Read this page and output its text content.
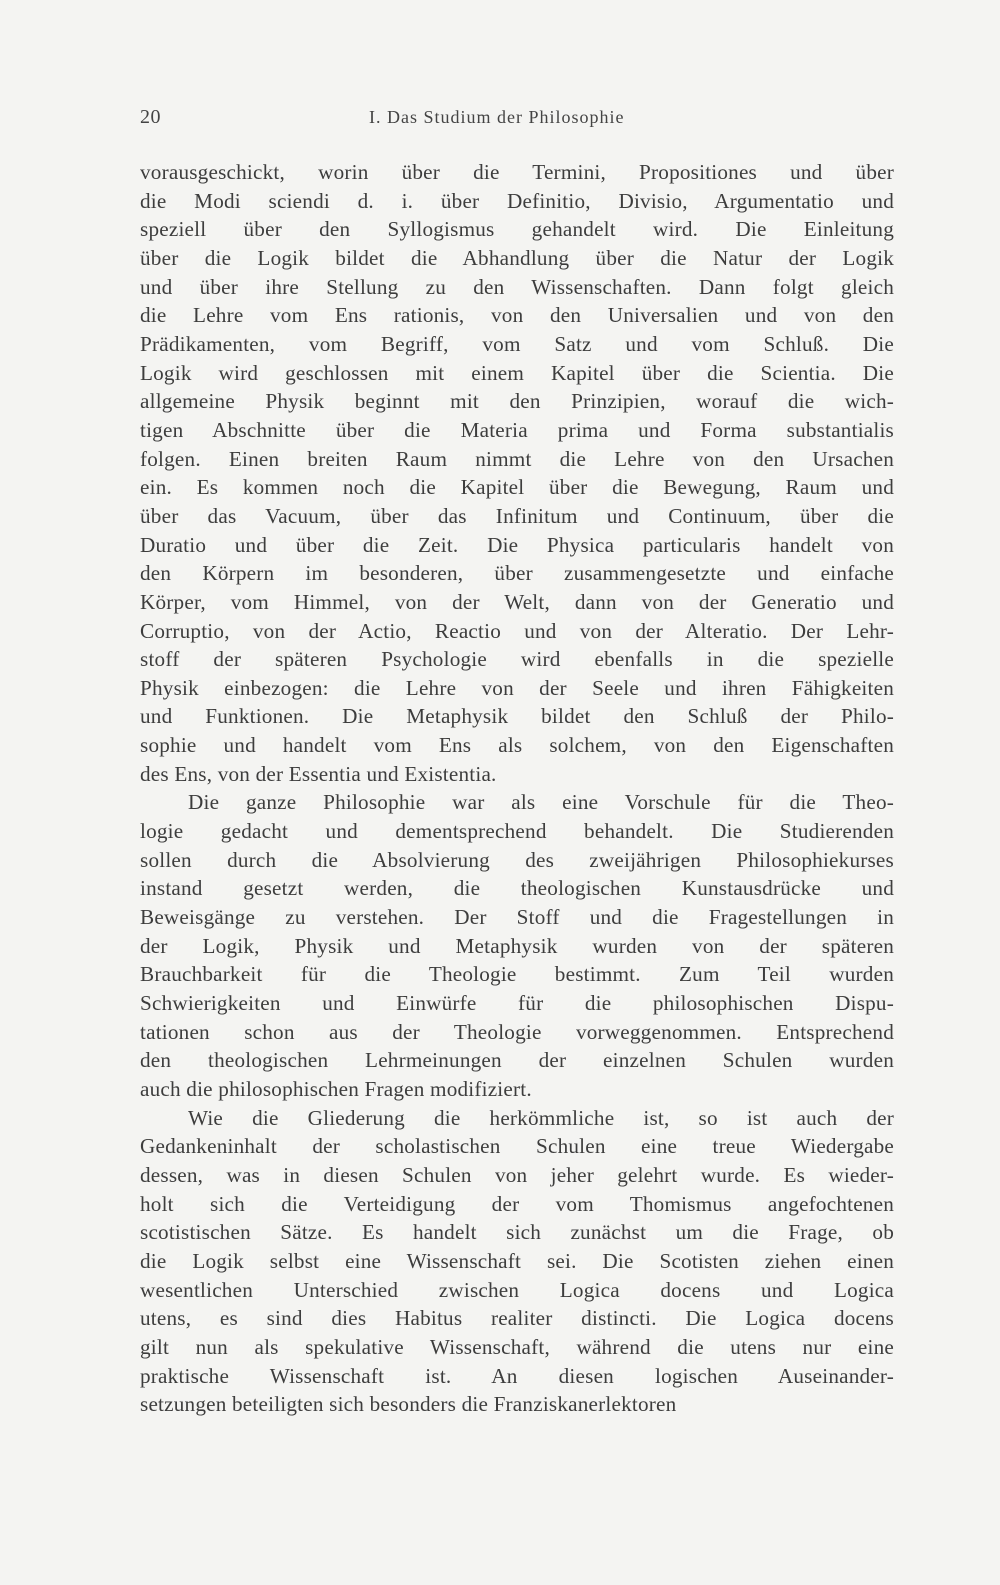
20	I. Das Studium der Philosophie
vorausgeschickt, worin über die Termini, Propositiones und über
die Modi sciendi d. i. über Definitio, Divisio, Argumentatio und
speziell über den Syllogismus gehandelt wird. Die Einleitung
über die Logik bildet die Abhandlung über die Natur der Logik
und über ihre Stellung zu den Wissenschaften. Dann folgt gleich
die Lehre vom Ens rationis, von den Universalien und von den
Prädikamenten, vom Begriff, vom Satz und vom Schluß. Die
Logik wird geschlossen mit einem Kapitel über die Scientia. Die
allgemeine Physik beginnt mit den Prinzipien, worauf die wich-
tigen Abschnitte über die Materia prima und Forma substantialis
folgen. Einen breiten Raum nimmt die Lehre von den Ursachen
ein. Es kommen noch die Kapitel über die Bewegung, Raum und
über das Vacuum, über das Infinitum und Continuum, über die
Duratio und über die Zeit. Die Physica particularis handelt von
den Körpern im besonderen, über zusammengesetzte und einfache
Körper, vom Himmel, von der Welt, dann von der Generatio und
Corruptio, von der Actio, Reactio und von der Alteratio. Der Lehr-
stoff der späteren Psychologie wird ebenfalls in die spezielle
Physik einbezogen: die Lehre von der Seele und ihren Fähigkeiten
und Funktionen. Die Metaphysik bildet den Schluß der Philo-
sophie und handelt vom Ens als solchem, von den Eigenschaften
des Ens, von der Essentia und Existentia.
Die ganze Philosophie war als eine Vorschule für die Theo-
logie gedacht und dementsprechend behandelt. Die Studierenden
sollen durch die Absolvierung des zweijährigen Philosophiekurses
instand gesetzt werden, die theologischen Kunstausdrücke und
Beweisgänge zu verstehen. Der Stoff und die Fragestellungen in
der Logik, Physik und Metaphysik wurden von der späteren
Brauchbarkeit für die Theologie bestimmt. Zum Teil wurden
Schwierigkeiten und Einwürfe für die philosophischen Dispu-
tationen schon aus der Theologie vorweggenommen. Entsprechend
den theologischen Lehrmeinungen der einzelnen Schulen wurden
auch die philosophischen Fragen modifiziert.
Wie die Gliederung die herkömmliche ist, so ist auch der
Gedankeninhalt der scholastischen Schulen eine treue Wiedergabe
dessen, was in diesen Schulen von jeher gelehrt wurde. Es wieder-
holt sich die Verteidigung der vom Thomismus angefochtenen
scotistischen Sätze. Es handelt sich zunächst um die Frage, ob
die Logik selbst eine Wissenschaft sei. Die Scotisten ziehen einen
wesentlichen Unterschied zwischen Logica docens und Logica
utens, es sind dies Habitus realiter distincti. Die Logica docens
gilt nun als spekulative Wissenschaft, während die utens nur eine
praktische Wissenschaft ist. An diesen logischen Auseinander-
setzungen beteiligten sich besonders die Franziskanerlektoren
